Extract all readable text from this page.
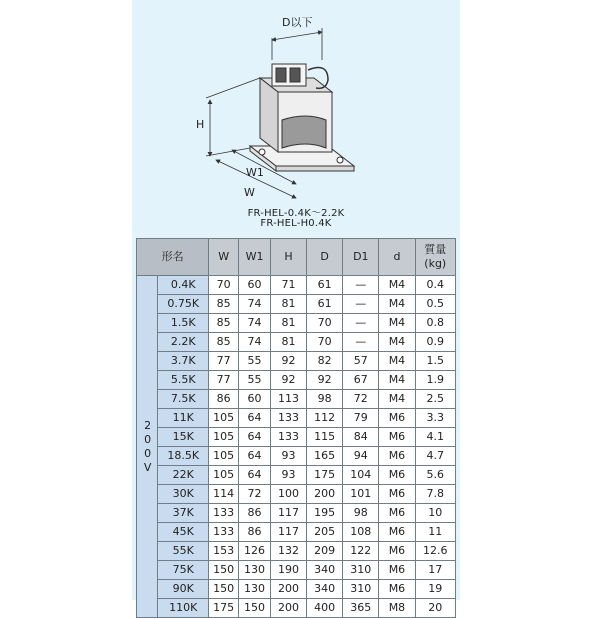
D以下
H
W1
W
FR-HEL-0.4K～2.2K
FR-HEL-H0.4K
形名		W	W1	H	D	D1	d	質量
(kg)
200V	0.4K	70	60	71	61	—	M4	0.4
	0.75K	85	74	81	61	—	M4	0.5
	1.5K	85	74	81	70	—	M4	0.8
	2.2K	85	74	81	70	—	M4	0.9
	3.7K	77	55	92	82	57	M4	1.5
	5.5K	77	55	92	92	67	M4	1.9
	7.5K	86	60	113	98	72	M4	2.5
	11K	105	64	133	112	79	M6	3.3
	15K	105	64	133	115	84	M6	4.1
	18.5K	105	64	93	165	94	M6	4.7
	22K	105	64	93	175	104	M6	5.6
	30K	114	72	100	200	101	M6	7.8
	37K	133	86	117	195	98	M6	10
	45K	133	86	117	205	108	M6	11
	55K	153	126	132	209	122	M6	12.6
	75K	150	130	190	340	310	M6	17
	90K	150	130	200	340	310	M6	19
	110K	175	150	200	400	365	M8	20
